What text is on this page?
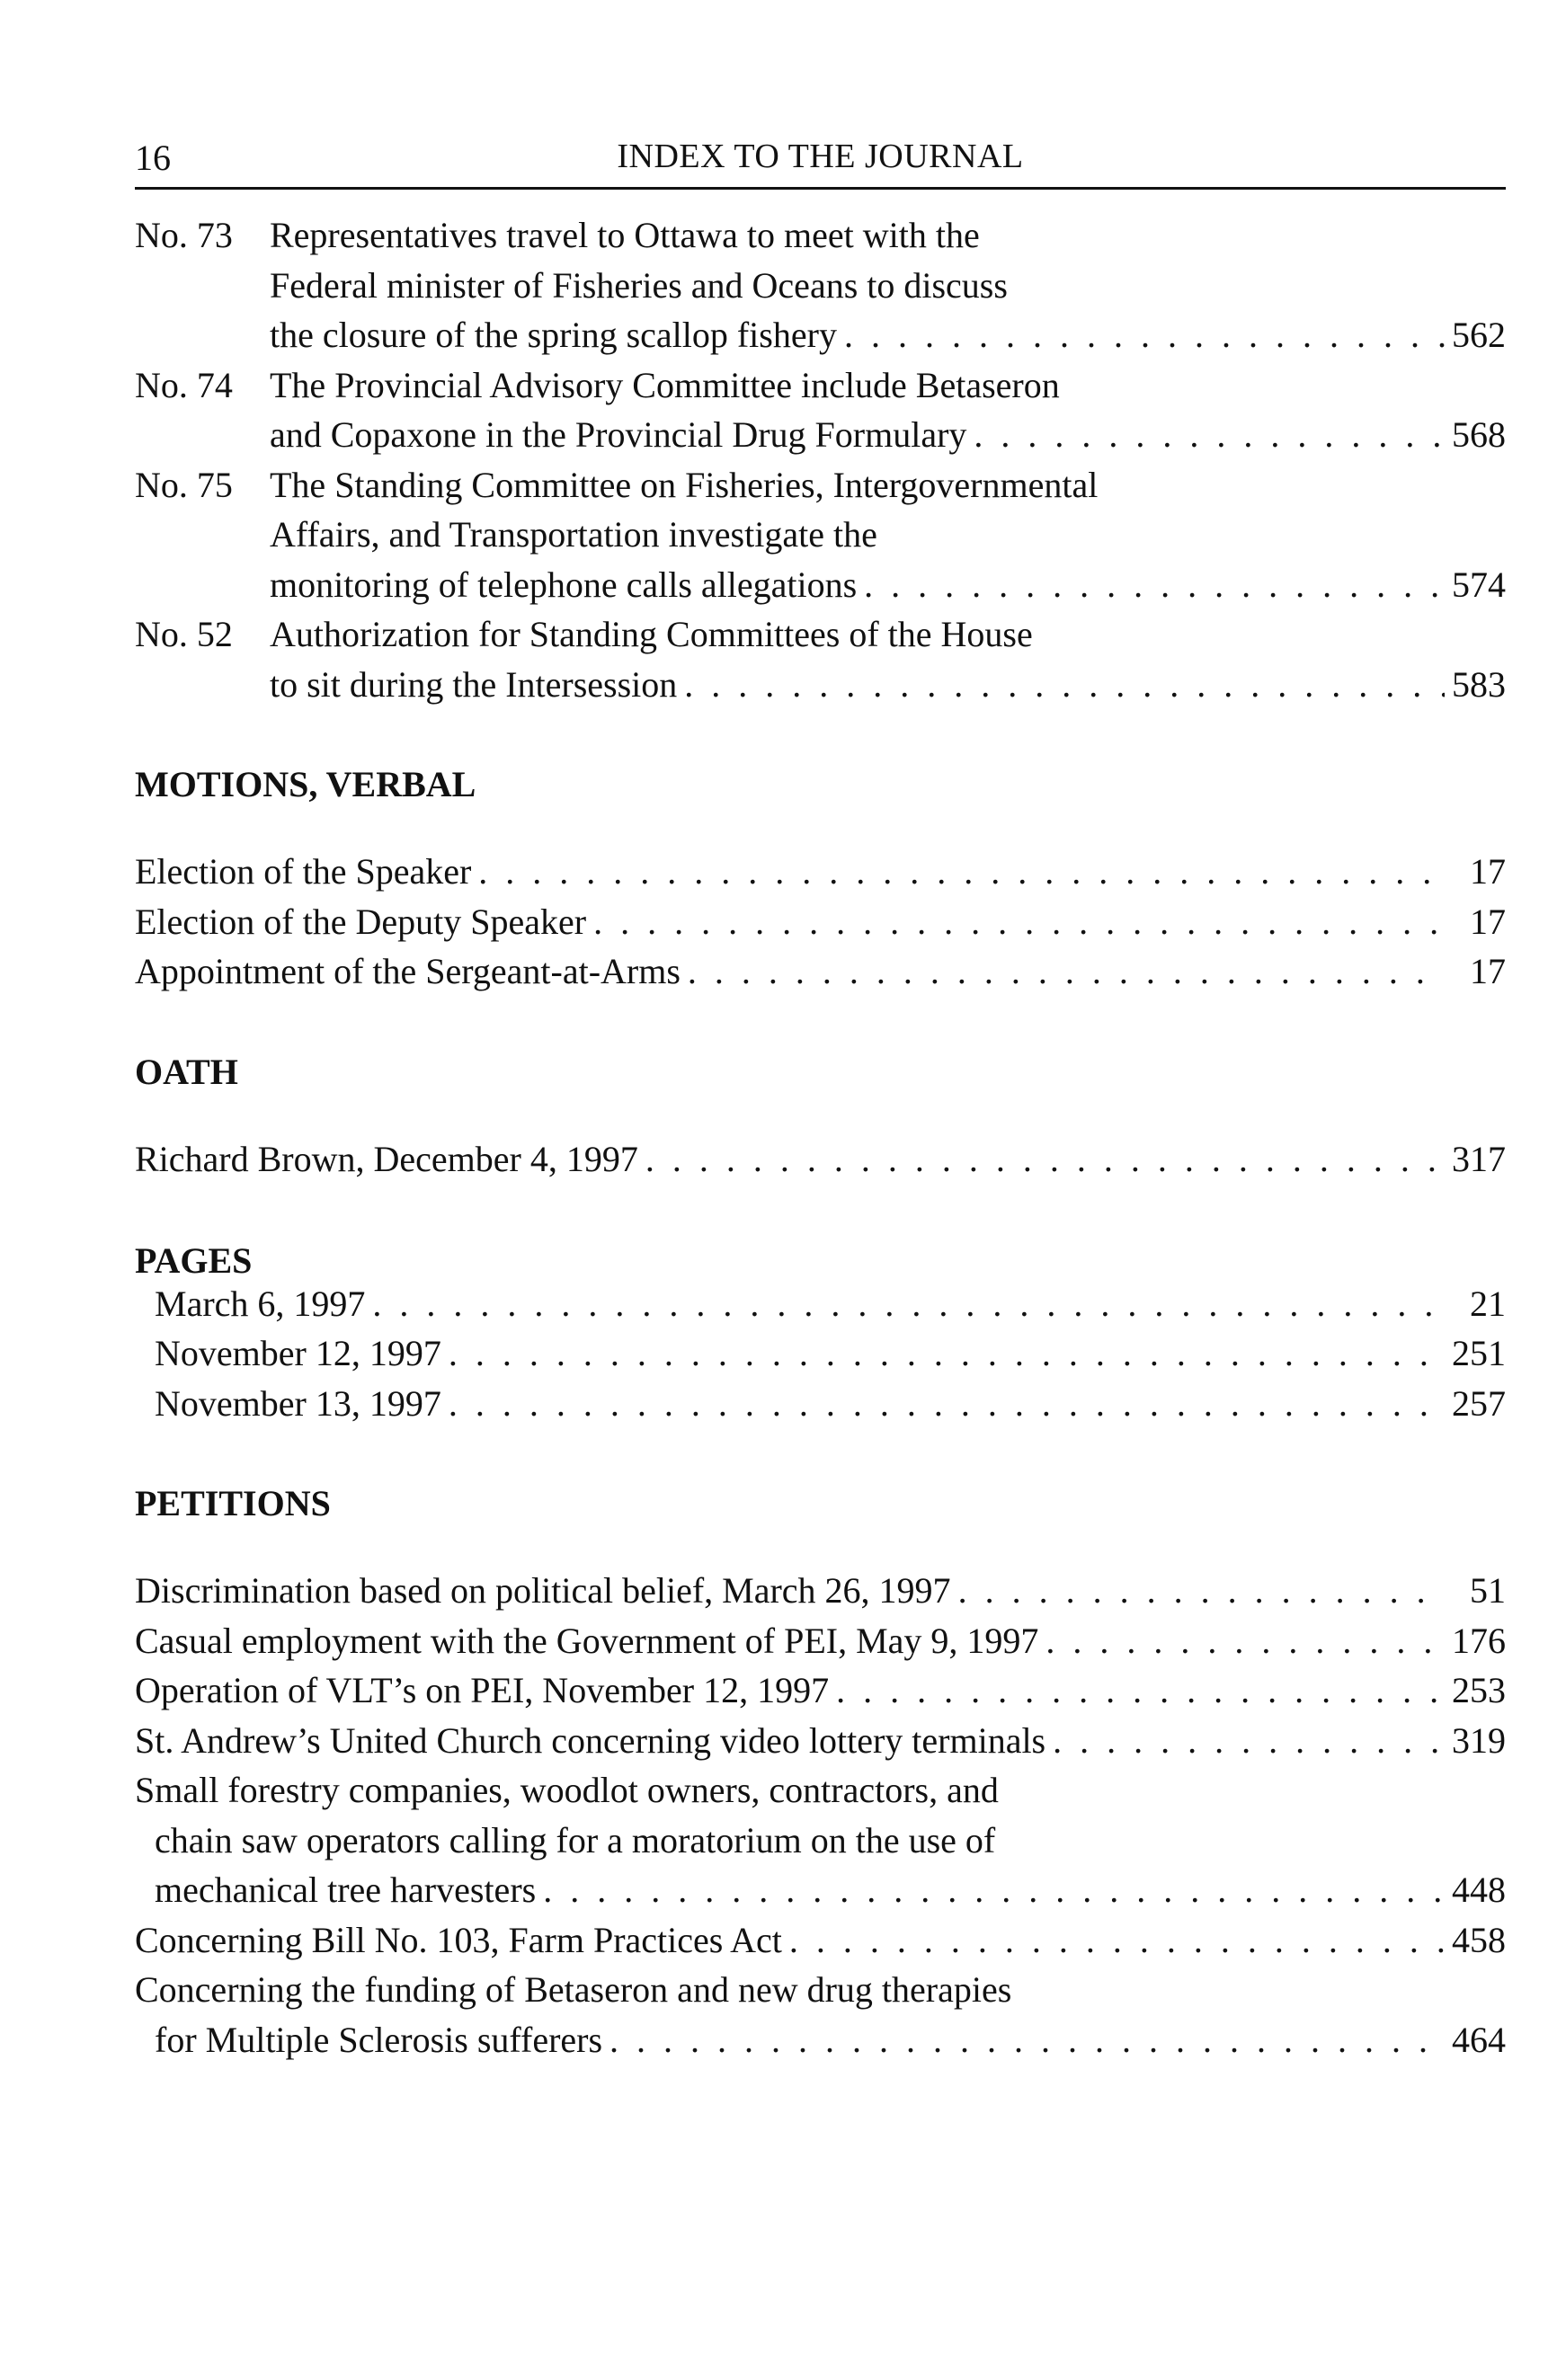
16	INDEX TO THE JOURNAL
No. 73 Representatives travel to Ottawa to meet with the
Federal minister of Fisheries and Oceans to discuss
the closure of the spring scallop fishery . . .	562
No. 74 The Provincial Advisory Committee include Betaseron
and Copaxone in the Provincial Drug Formulary . . .	568
No. 75 The Standing Committee on Fisheries, Intergovernmental
Affairs, and Transportation investigate the
monitoring of telephone calls allegations . . .	574
No. 52 Authorization for Standing Committees of the House
to sit during the Intersession . . .	583
MOTIONS, VERBAL
Election of the Speaker . . .	17
Election of the Deputy Speaker . . .	17
Appointment of the Sergeant-at-Arms . . .	17
OATH
Richard Brown, December 4, 1997 . . .	317
PAGES
March 6, 1997 . . .	21
November 12, 1997 . . .	251
November 13, 1997 . . .	257
PETITIONS
Discrimination based on political belief, March 26, 1997 . . .	51
Casual employment with the Government of PEI, May 9, 1997 . . .	176
Operation of VLT’s on PEI, November 12, 1997 . . .	253
St. Andrew’s United Church concerning video lottery terminals . . .	319
Small forestry companies, woodlot owners, contractors, and
chain saw operators calling for a moratorium on the use of
mechanical tree harvesters . . .	448
Concerning Bill No. 103, Farm Practices Act . . .	458
Concerning the funding of Betaseron and new drug therapies
for Multiple Sclerosis sufferers . . .	464
